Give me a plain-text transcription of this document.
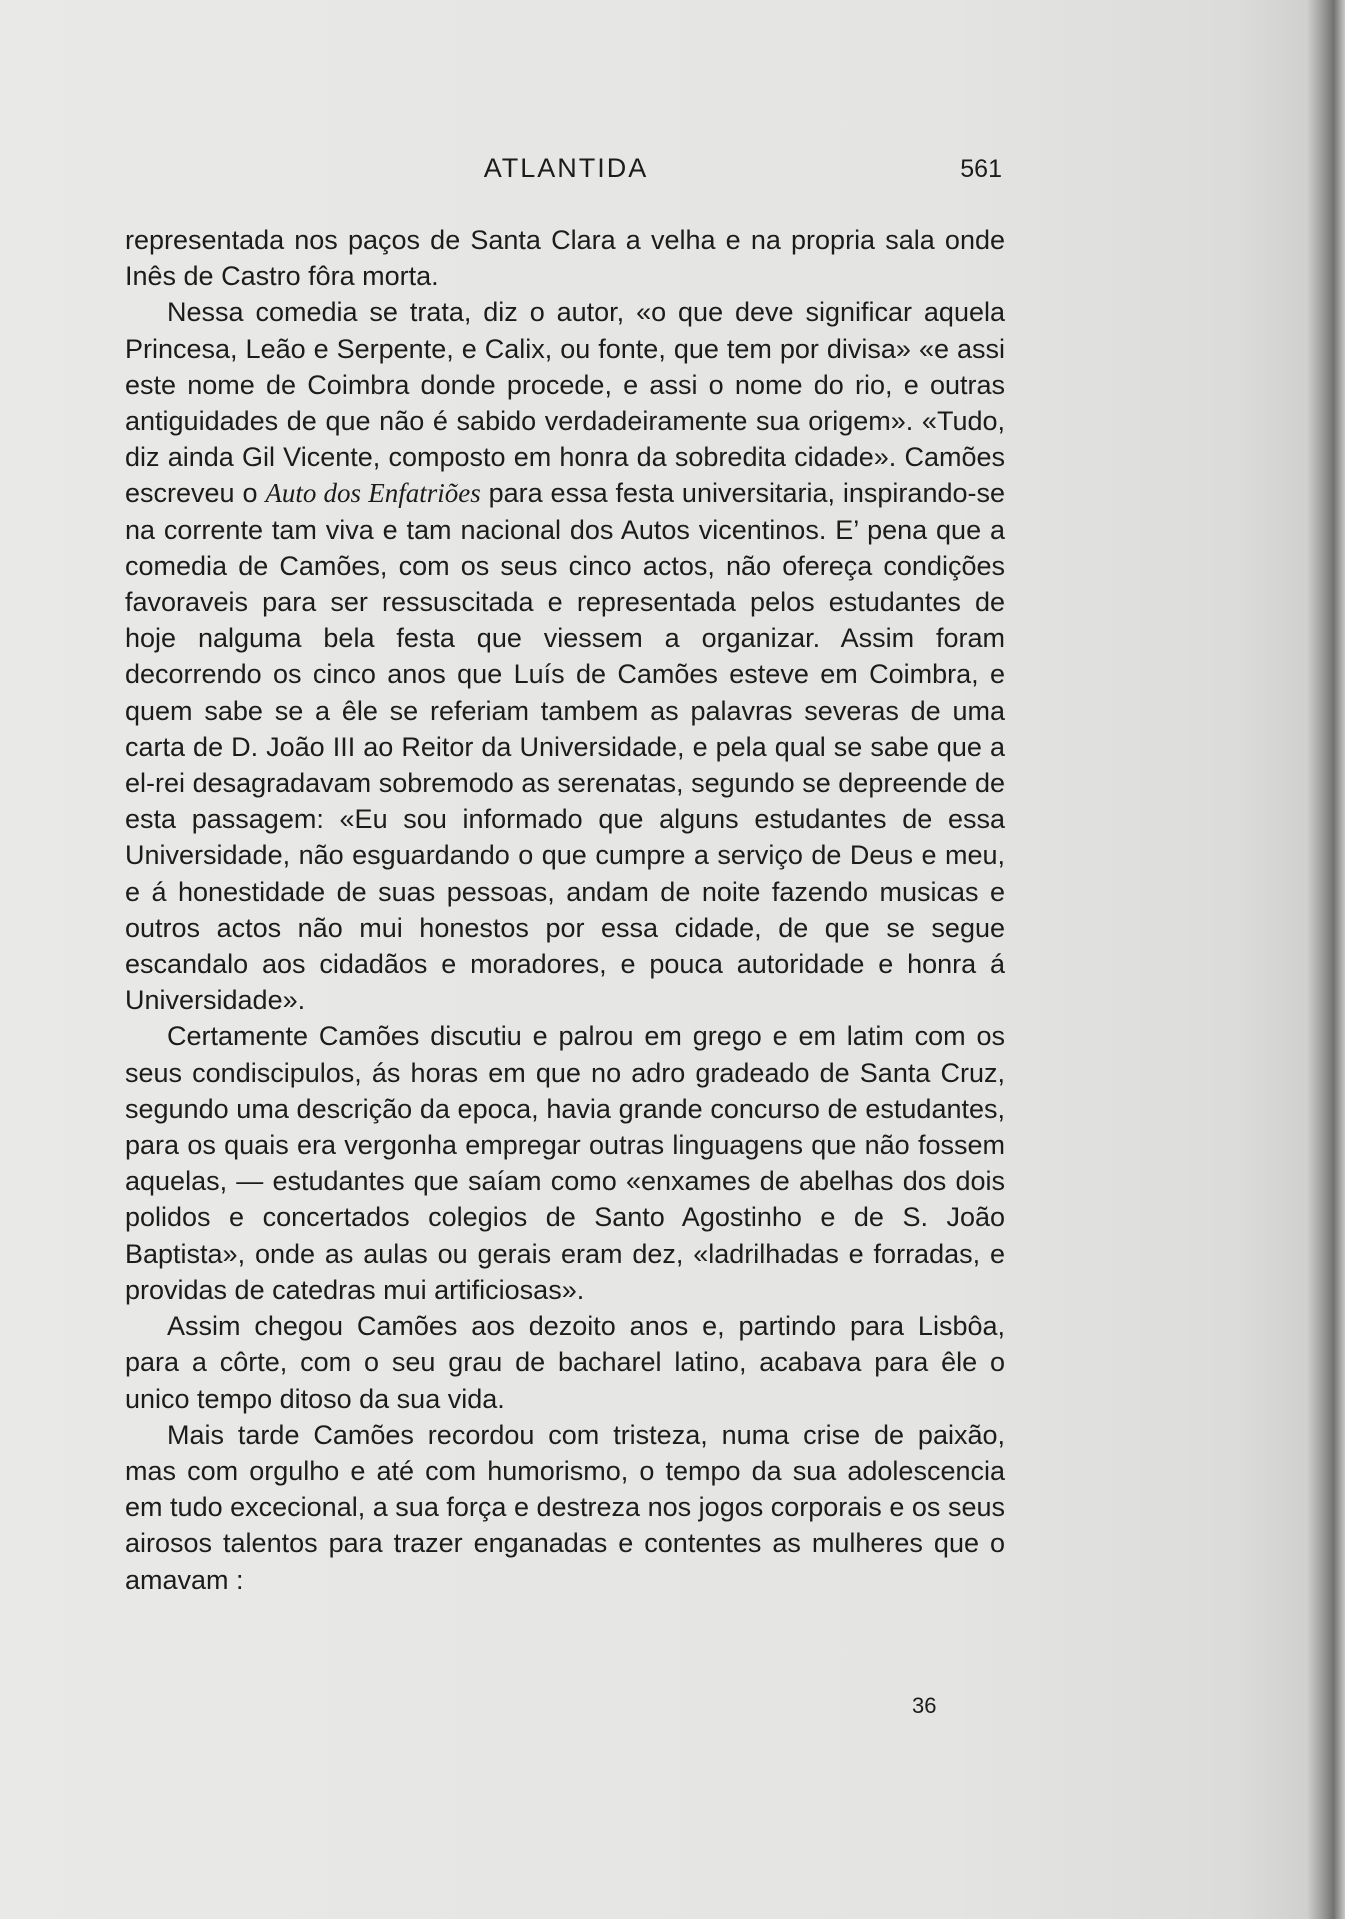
ATLANTIDA	561

representada nos paços de Santa Clara a velha e na propria sala onde Inês de Castro fôra morta.

Nessa comedia se trata, diz o autor, «o que deve significar aquela Princesa, Leão e Serpente, e Calix, ou fonte, que tem por divisa» «e assi este nome de Coimbra donde procede, e assi o nome do rio, e outras antiguidades de que não é sabido verdadeiramente sua origem». «Tudo, diz ainda Gil Vicente, composto em honra da sobredita cidade». Camões escreveu o Auto dos Enfatriões para essa festa universitaria, inspirando-se na corrente tam viva e tam nacional dos Autos vicentinos. E’ pena que a comedia de Camões, com os seus cinco actos, não ofereça condições favoraveis para ser ressuscitada e representada pelos estudantes de hoje nalguma bela festa que viessem a organizar. Assim foram decorrendo os cinco anos que Luís de Camões esteve em Coimbra, e quem sabe se a êle se referiam tambem as palavras severas de uma carta de D. João III ao Reitor da Universidade, e pela qual se sabe que a el-rei desagradavam sobremodo as serenatas, segundo se depreende de esta passagem: «Eu sou informado que alguns estudantes de essa Universidade, não esguardando o que cumpre a serviço de Deus e meu, e á honestidade de suas pessoas, andam de noite fazendo musicas e outros actos não mui honestos por essa cidade, de que se segue escandalo aos cidadãos e moradores, e pouca autoridade e honra á Universidade».

Certamente Camões discutiu e palrou em grego e em latim com os seus condiscipulos, ás horas em que no adro gradeado de Santa Cruz, segundo uma descrição da epoca, havia grande concurso de estudantes, para os quais era vergonha empregar outras linguagens que não fossem aquelas, — estudantes que saíam como «enxames de abelhas dos dois polidos e concertados colegios de Santo Agostinho e de S. João Baptista», onde as aulas ou gerais eram dez, «ladrilhadas e forradas, e providas de catedras mui artificiosas».

Assim chegou Camões aos dezoito anos e, partindo para Lisbôa, para a côrte, com o seu grau de bacharel latino, acabava para êle o unico tempo ditoso da sua vida.

Mais tarde Camões recordou com tristeza, numa crise de paixão, mas com orgulho e até com humorismo, o tempo da sua adolescencia em tudo excecional, a sua força e destreza nos jogos corporais e os seus airosos talentos para trazer enganadas e contentes as mulheres que o amavam :

36
